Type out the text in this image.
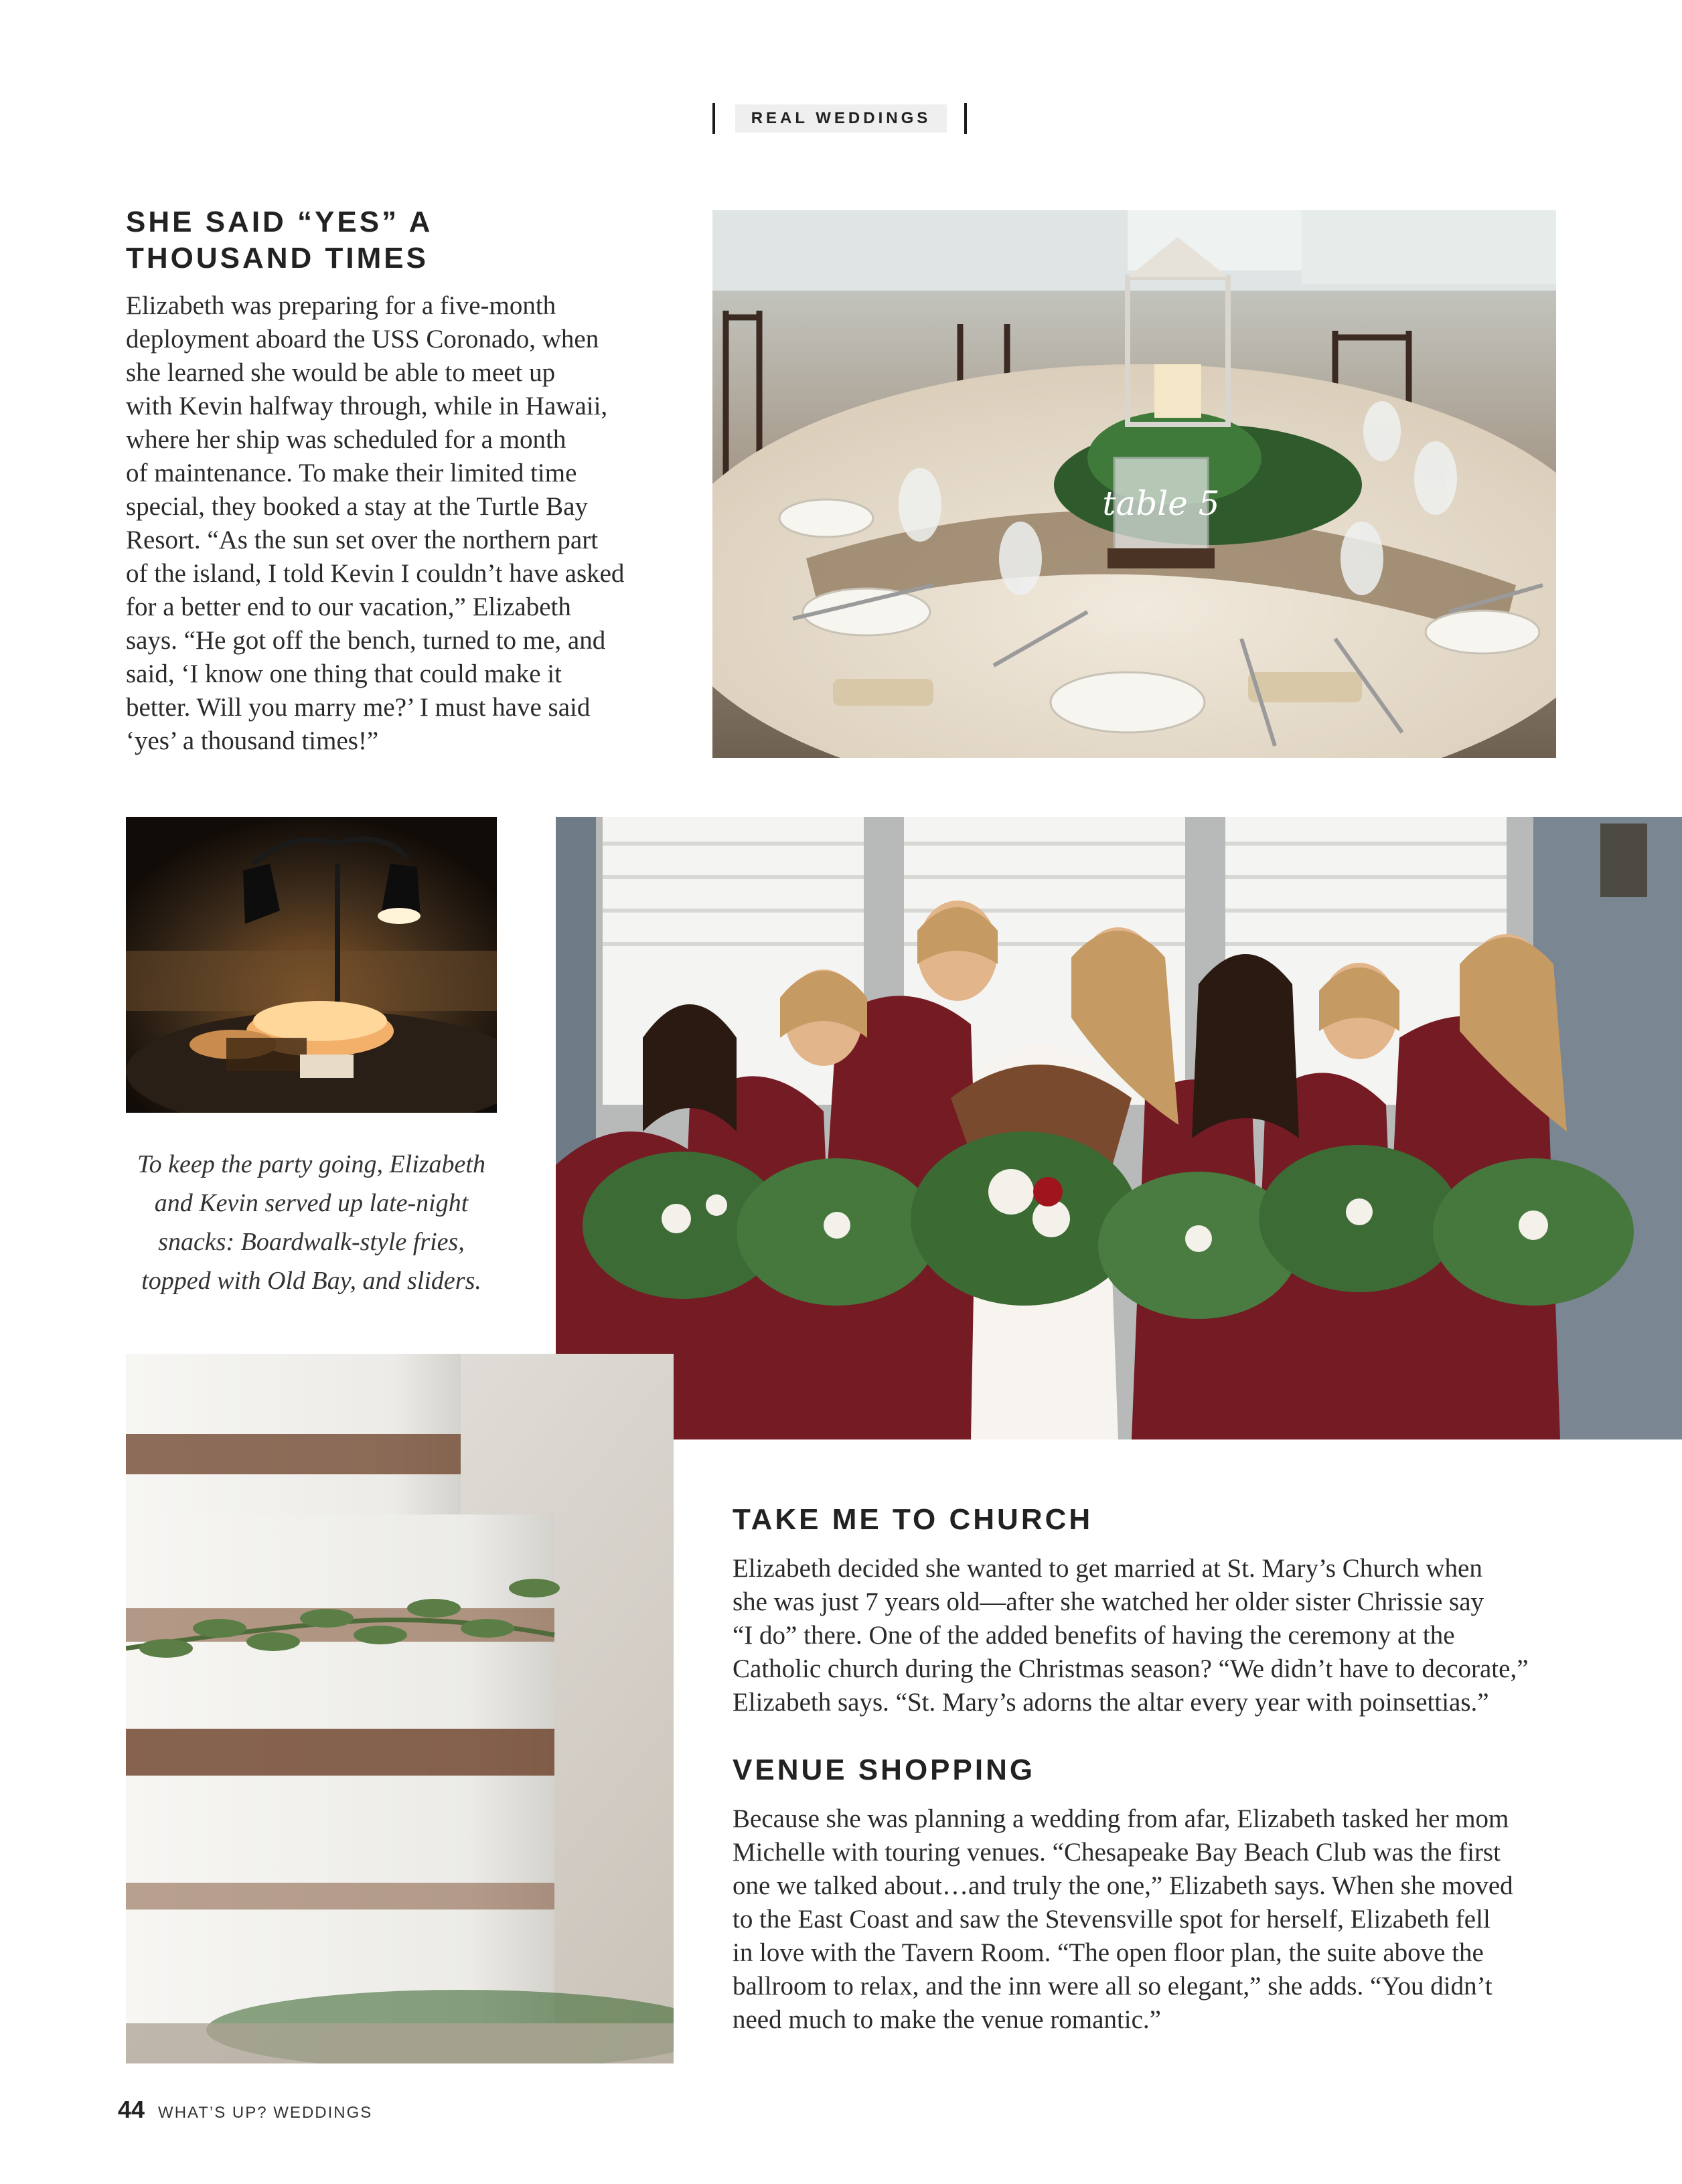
REAL WEDDINGS
SHE SAID “YES” A THOUSAND TIMES

Elizabeth was preparing for a five-month
deployment aboard the USS Coronado, when
she learned she would be able to meet up
with Kevin halfway through, while in Hawaii,
where her ship was scheduled for a month
of maintenance. To make their limited time
special, they booked a stay at the Turtle Bay
Resort. “As the sun set over the northern part
of the island, I told Kevin I couldn’t have asked
for a better end to our vacation,” Elizabeth
says. “He got off the bench, turned to me, and
said, ‘I know one thing that could make it
better. Will you marry me?’ I must have said
‘yes’ a thousand times!”

table 5

To keep the party going, Elizabeth
and Kevin served up late-night
snacks: Boardwalk-style fries,
topped with Old Bay, and sliders.

TAKE ME TO CHURCH

Elizabeth decided she wanted to get married at St. Mary’s Church when
she was just 7 years old—after she watched her older sister Chrissie say
“I do” there. One of the added benefits of having the ceremony at the
Catholic church during the Christmas season? “We didn’t have to decorate,”
Elizabeth says. “St. Mary’s adorns the altar every year with poinsettias.”

VENUE SHOPPING

Because she was planning a wedding from afar, Elizabeth tasked her mom
Michelle with touring venues. “Chesapeake Bay Beach Club was the first
one we talked about…and truly the one,” Elizabeth says. When she moved
to the East Coast and saw the Stevensville spot for herself, Elizabeth fell
in love with the Tavern Room. “The open floor plan, the suite above the
ballroom to relax, and the inn were all so elegant,” she adds. “You didn’t
need much to make the venue romantic.”

44 WHAT’S UP? WEDDINGS
